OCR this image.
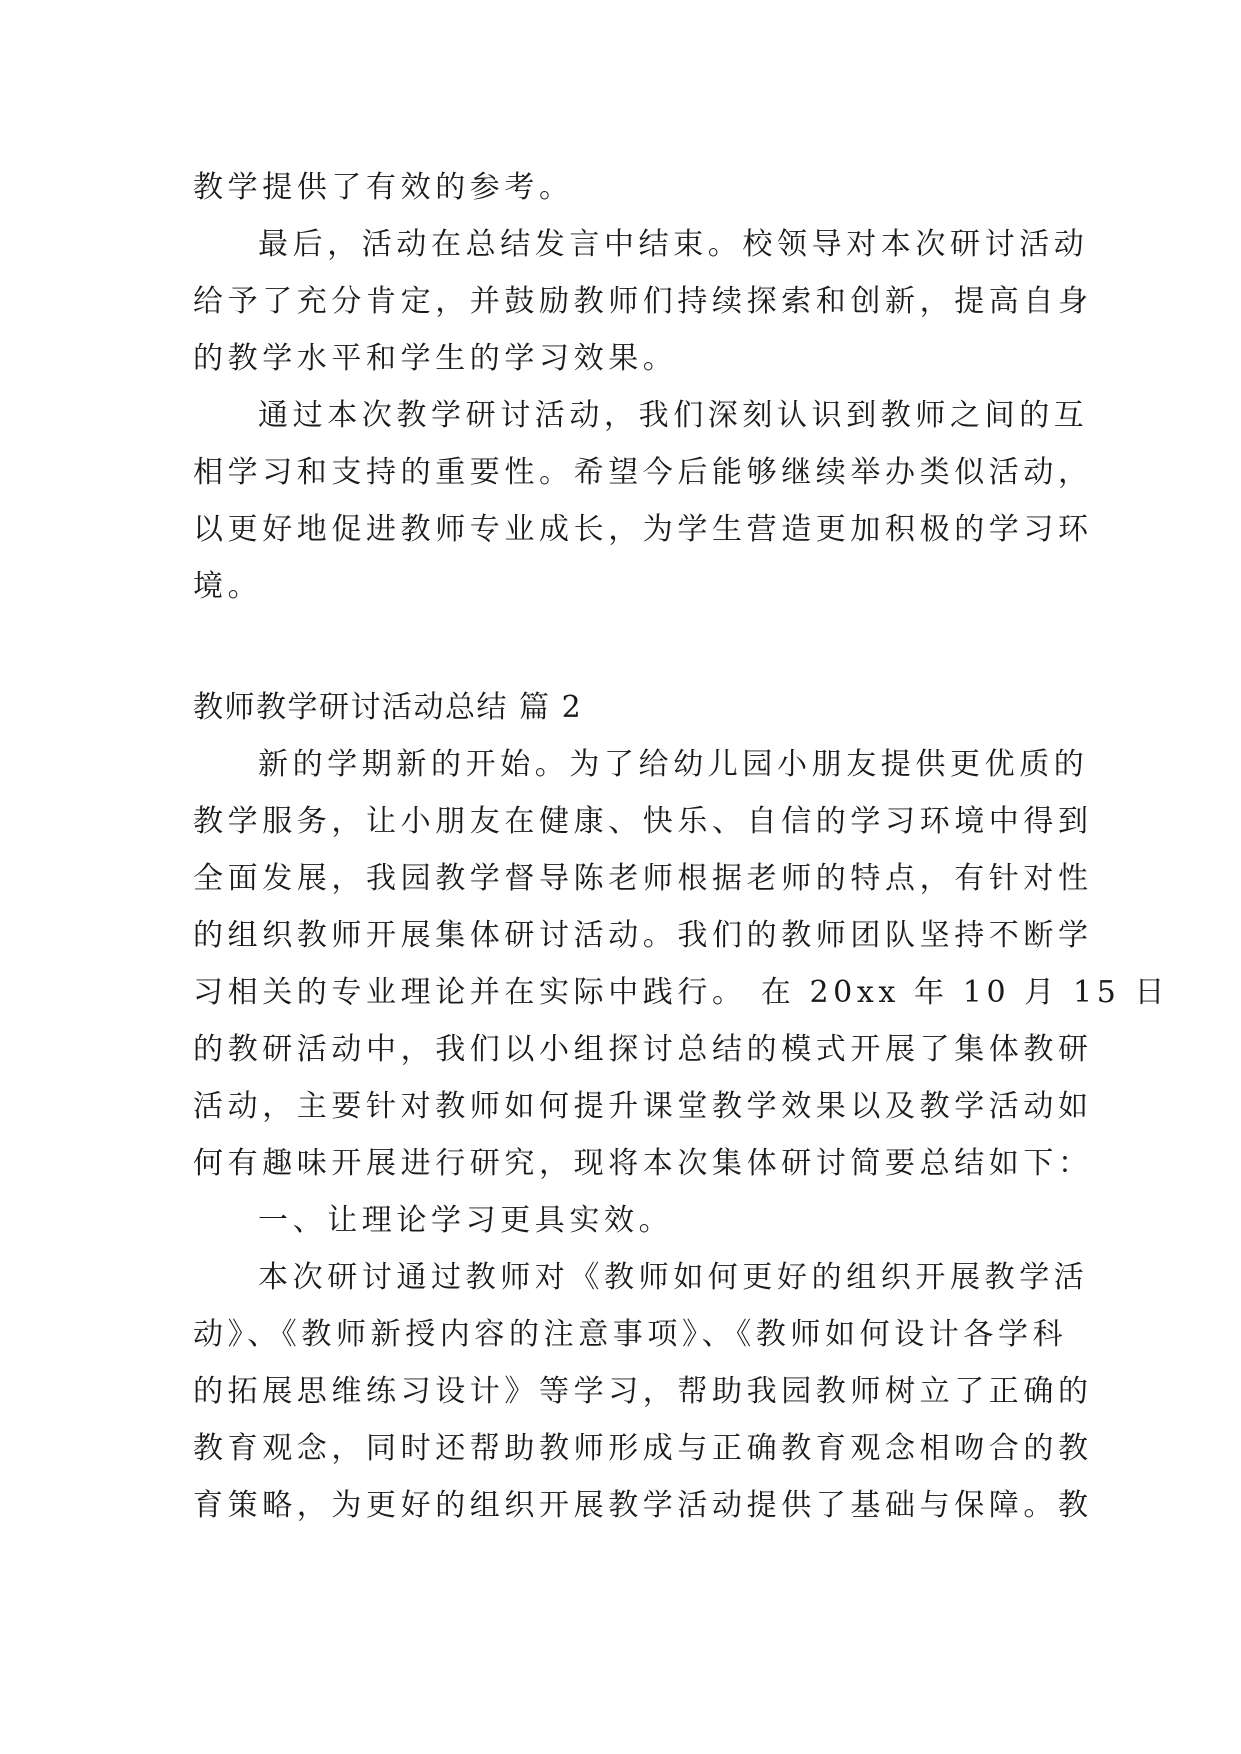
教学提供了有效的参考。
最后，活动在总结发言中结束。校领导对本次研讨活动
给予了充分肯定，并鼓励教师们持续探索和创新，提高自身
的教学水平和学生的学习效果。
通过本次教学研讨活动，我们深刻认识到教师之间的互
相学习和支持的重要性。希望今后能够继续举办类似活动，
以更好地促进教师专业成长，为学生营造更加积极的学习环
境。
教师教学研讨活动总结 篇 2
新的学期新的开始。为了给幼儿园小朋友提供更优质的
教学服务，让小朋友在健康、快乐、自信的学习环境中得到
全面发展，我园教学督导陈老师根据老师的特点，有针对性
的组织教师开展集体研讨活动。我们的教师团队坚持不断学
习相关的专业理论并在实际中践行。 在 20xx 年 10 月 15 日
的教研活动中，我们以小组探讨总结的模式开展了集体教研
活动，主要针对教师如何提升课堂教学效果以及教学活动如
何有趣味开展进行研究，现将本次集体研讨简要总结如下：
一、让理论学习更具实效。
本次研讨通过教师对《教师如何更好的组织开展教学活
动》、《教师新授内容的注意事项》、《教师如何设计各学科
的拓展思维练习设计》等学习，帮助我园教师树立了正确的
教育观念，同时还帮助教师形成与正确教育观念相吻合的教
育策略，为更好的组织开展教学活动提供了基础与保障。教
